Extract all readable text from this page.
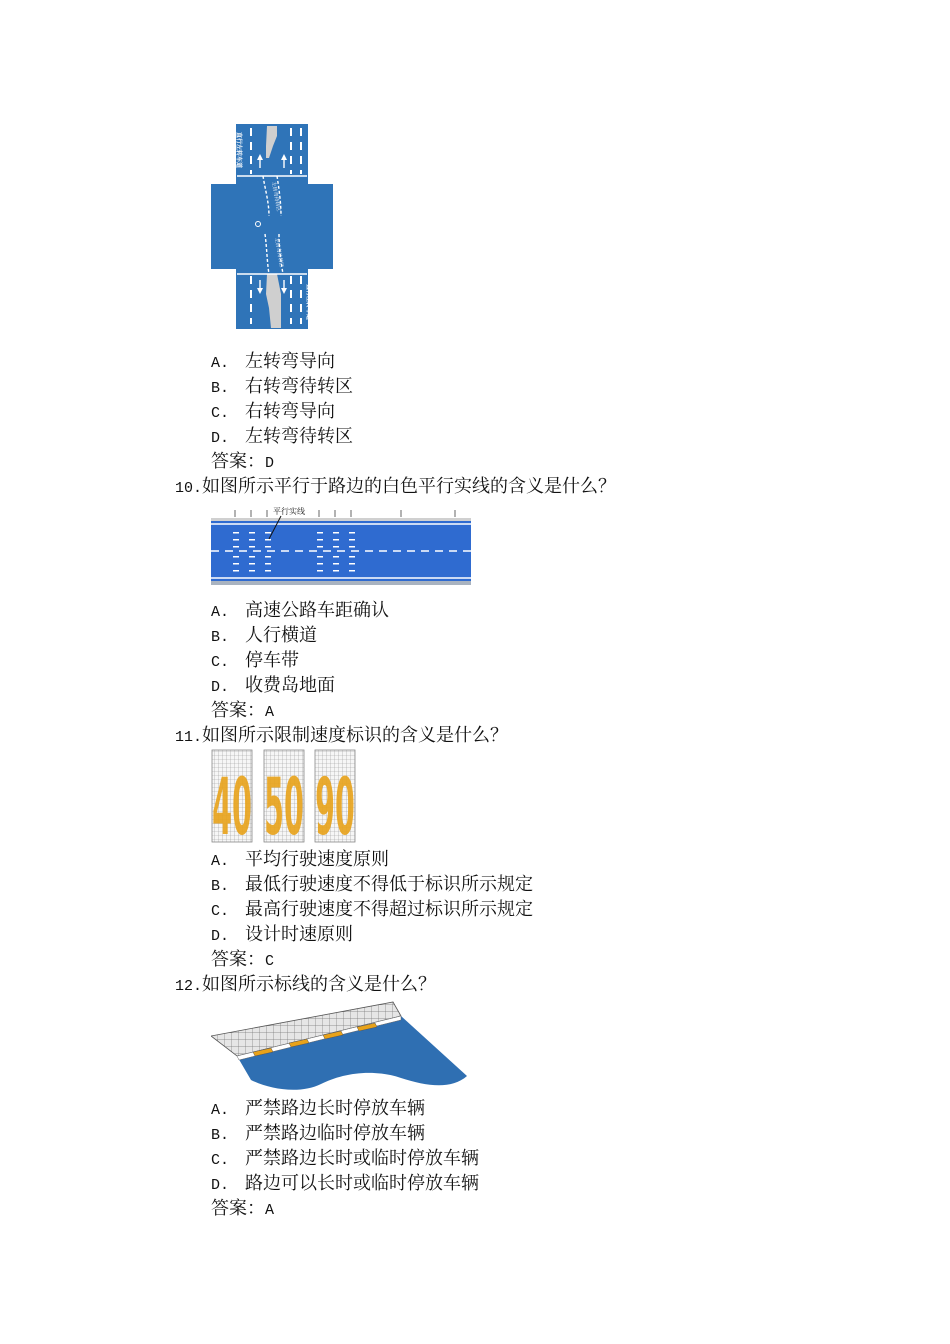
左转弯待转区
左转弯待转区
直行左转车道
直行左转车道
A. 左转弯导向
B. 右转弯待转区
C. 右转弯导向
D. 左转弯待转区
答案：D
10.如图所示平行于路边的白色平行实线的含义是什么？
平行实线
A. 高速公路车距确认
B. 人行横道
C. 停车带
D. 收费岛地面
答案：A
11.如图所示限制速度标识的含义是什么？
40 50 90
A. 平均行驶速度原则
B. 最低行驶速度不得低于标识所示规定
C. 最高行驶速度不得超过标识所示规定
D. 设计时速原则
答案：C
12.如图所示标线的含义是什么？
A. 严禁路边长时停放车辆
B. 严禁路边临时停放车辆
C. 严禁路边长时或临时停放车辆
D. 路边可以长时或临时停放车辆
答案：A
